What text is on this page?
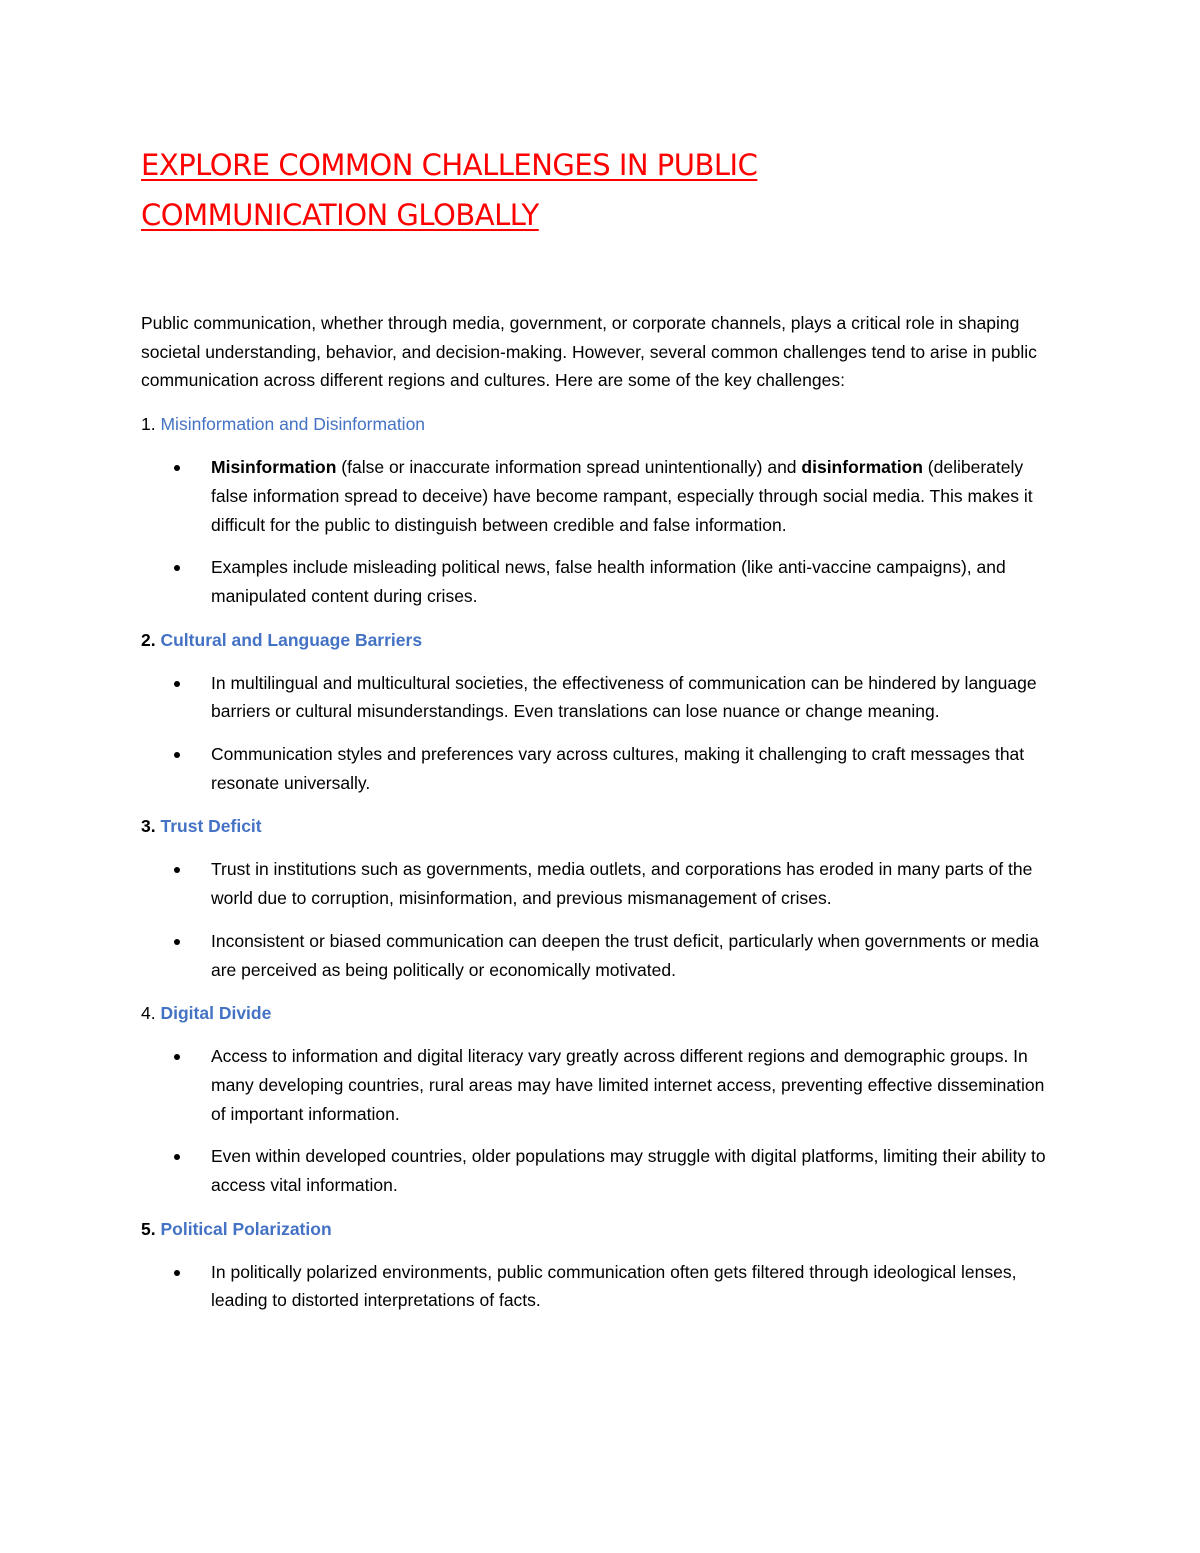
EXPLORE COMMON CHALLENGES IN PUBLIC
COMMUNICATION GLOBALLY

Public communication, whether through media, government, or corporate channels, plays a critical role in shaping societal understanding, behavior, and decision-making. However, several common challenges tend to arise in public communication across different regions and cultures. Here are some of the key challenges:

1. Misinformation and Disinformation
Misinformation (false or inaccurate information spread unintentionally) and disinformation (deliberately false information spread to deceive) have become rampant, especially through social media. This makes it difficult for the public to distinguish between credible and false information.
Examples include misleading political news, false health information (like anti-vaccine campaigns), and manipulated content during crises.
2. Cultural and Language Barriers
In multilingual and multicultural societies, the effectiveness of communication can be hindered by language barriers or cultural misunderstandings. Even translations can lose nuance or change meaning.
Communication styles and preferences vary across cultures, making it challenging to craft messages that resonate universally.
3. Trust Deficit
Trust in institutions such as governments, media outlets, and corporations has eroded in many parts of the world due to corruption, misinformation, and previous mismanagement of crises.
Inconsistent or biased communication can deepen the trust deficit, particularly when governments or media are perceived as being politically or economically motivated.
4. Digital Divide
Access to information and digital literacy vary greatly across different regions and demographic groups. In many developing countries, rural areas may have limited internet access, preventing effective dissemination of important information.
Even within developed countries, older populations may struggle with digital platforms, limiting their ability to access vital information.
5. Political Polarization
In politically polarized environments, public communication often gets filtered through ideological lenses, leading to distorted interpretations of facts.
